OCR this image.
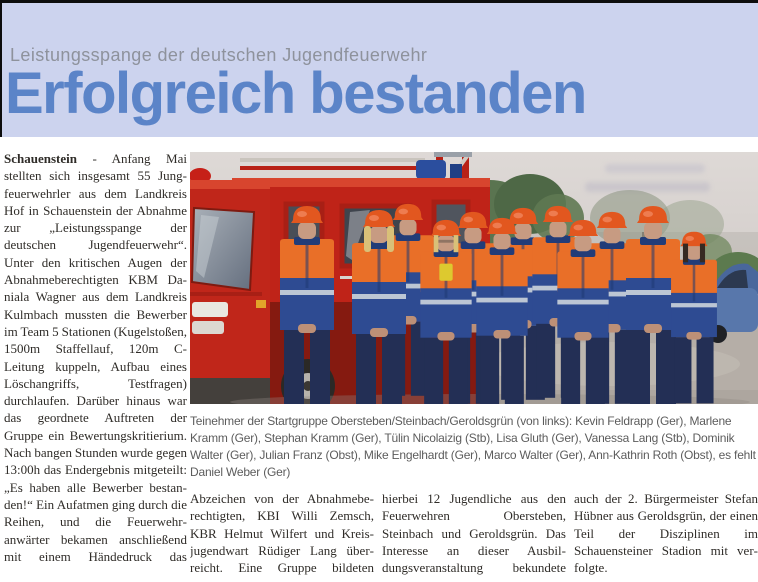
Leistungsspange der deutschen Jugendfeuerwehr
Erfolgreich bestanden
Schauenstein - Anfang Mai stellten sich insgesamt 55 Jungfeuerwehrler aus dem Landkreis Hof in Schauenstein der Abnahme zur „Leistungsspange der deutschen Jugendfeuerwehr“. Unter den kritischen Augen der Abnahmeberechtigten KBM Daniala Wagner aus dem Landkreis Kulmbach mussten die Bewerber im Team 5 Stationen (Kugelstoßen, 1500m Staffellauf, 120m C-Leitung kuppeln, Aufbau eines Löschangriffs, Testfragen) durchlaufen. Darüber hinaus war das geordnete Auftreten der Gruppe ein Bewertungskritierium. Nach bangen Stunden wurde gegen 13:00h das Endergebnis mitgeteilt: „Es haben alle Bewerber bestanden!“ Ein Aufatmen ging durch die Reihen, und die Feuerwehranwärter bekamen anschließend mit einem Händedruck das
Teinehmer der Startgruppe Obersteben/Steinbach/Geroldsgrün (von links): Kevin Feldrapp (Ger), Marlene Kramm (Ger), Stephan Kramm (Ger), Tülin Nicolaizig (Stb), Lisa Gluth (Ger), Vanessa Lang (Stb), Dominik Walter (Ger), Julian Franz (Obst), Mike Engelhardt (Ger), Marco Walter (Ger), Ann-Kathrin Roth (Obst), es fehlt Daniel Weber (Ger)
Abzeichen von der Abnahmeberechtigten, KBI Willi Zemsch, KBR Helmut Wilfert und Kreisjugendwart Rüdiger Lang überreicht. Eine Gruppe bildeten
hierbei 12 Jugendliche aus den Feuerwehren Obersteben, Steinbach und Geroldsgrün. Das Interesse an dieser Ausbildungsveranstaltung bekundete
auch der 2. Bürgermeister Stefan Hübner aus Geroldsgrün, der einen Teil der Disziplinen im Schauensteiner Stadion mit verfolgte.
